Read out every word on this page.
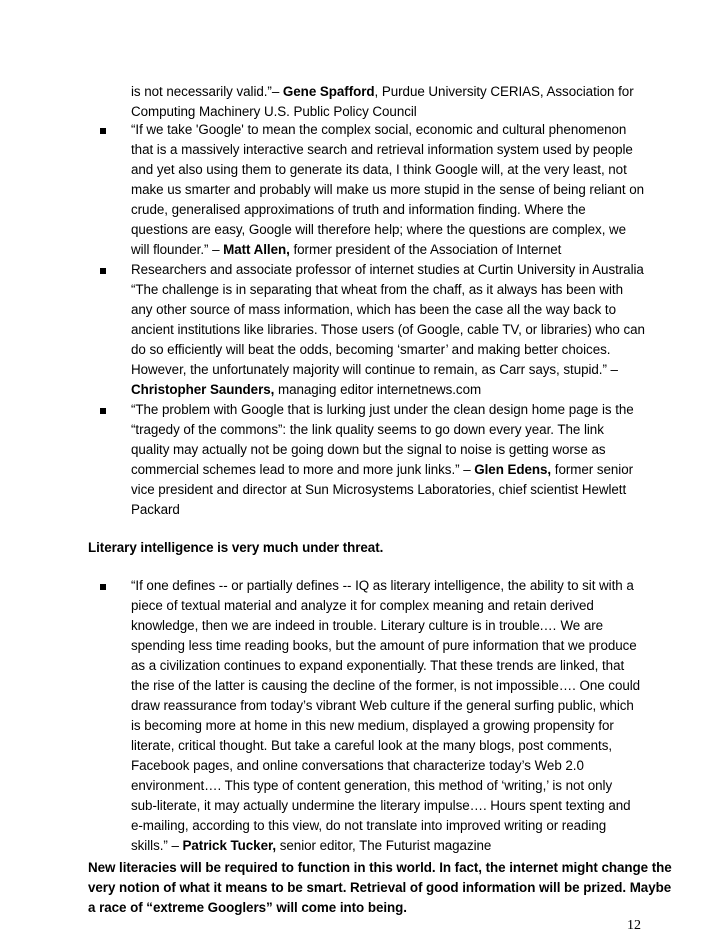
is not necessarily valid.”– Gene Spafford, Purdue University CERIAS, Association for
Computing Machinery U.S. Public Policy Council
“If we take 'Google' to mean the complex social, economic and cultural phenomenon
that is a massively interactive search and retrieval information system used by people
and yet also using them to generate its data, I think Google will, at the very least, not
make us smarter and probably will make us more stupid in the sense of being reliant on
crude, generalised approximations of truth and information finding. Where the
questions are easy, Google will therefore help; where the questions are complex, we
will flounder.” – Matt Allen, former president of the Association of Internet
Researchers and associate professor of internet studies at Curtin University in Australia
“The challenge is in separating that wheat from the chaff, as it always has been with
any other source of mass information, which has been the case all the way back to
ancient institutions like libraries. Those users (of Google, cable TV, or libraries) who can
do so efficiently will beat the odds, becoming ‘smarter’ and making better choices.
However, the unfortunately majority will continue to remain, as Carr says, stupid.” –
Christopher Saunders, managing editor internetnews.com
“The problem with Google that is lurking just under the clean design home page is the
“tragedy of the commons”: the link quality seems to go down every year. The link
quality may actually not be going down but the signal to noise is getting worse as
commercial schemes lead to more and more junk links.” – Glen Edens, former senior
vice president and director at Sun Microsystems Laboratories, chief scientist Hewlett
Packard
Literary intelligence is very much under threat.
“If one defines -- or partially defines -- IQ as literary intelligence, the ability to sit with a
piece of textual material and analyze it for complex meaning and retain derived
knowledge, then we are indeed in trouble. Literary culture is in trouble.… We are
spending less time reading books, but the amount of pure information that we produce
as a civilization continues to expand exponentially. That these trends are linked, that
the rise of the latter is causing the decline of the former, is not impossible…. One could
draw reassurance from today’s vibrant Web culture if the general surfing public, which
is becoming more at home in this new medium, displayed a growing propensity for
literate, critical thought. But take a careful look at the many blogs, post comments,
Facebook pages, and online conversations that characterize today’s Web 2.0
environment…. This type of content generation, this method of ‘writing,’ is not only
sub-literate, it may actually undermine the literary impulse…. Hours spent texting and
e-mailing, according to this view, do not translate into improved writing or reading
skills.” – Patrick Tucker, senior editor, The Futurist magazine
New literacies will be required to function in this world. In fact, the internet might change the
very notion of what it means to be smart. Retrieval of good information will be prized. Maybe
a race of “extreme Googlers” will come into being.
12
